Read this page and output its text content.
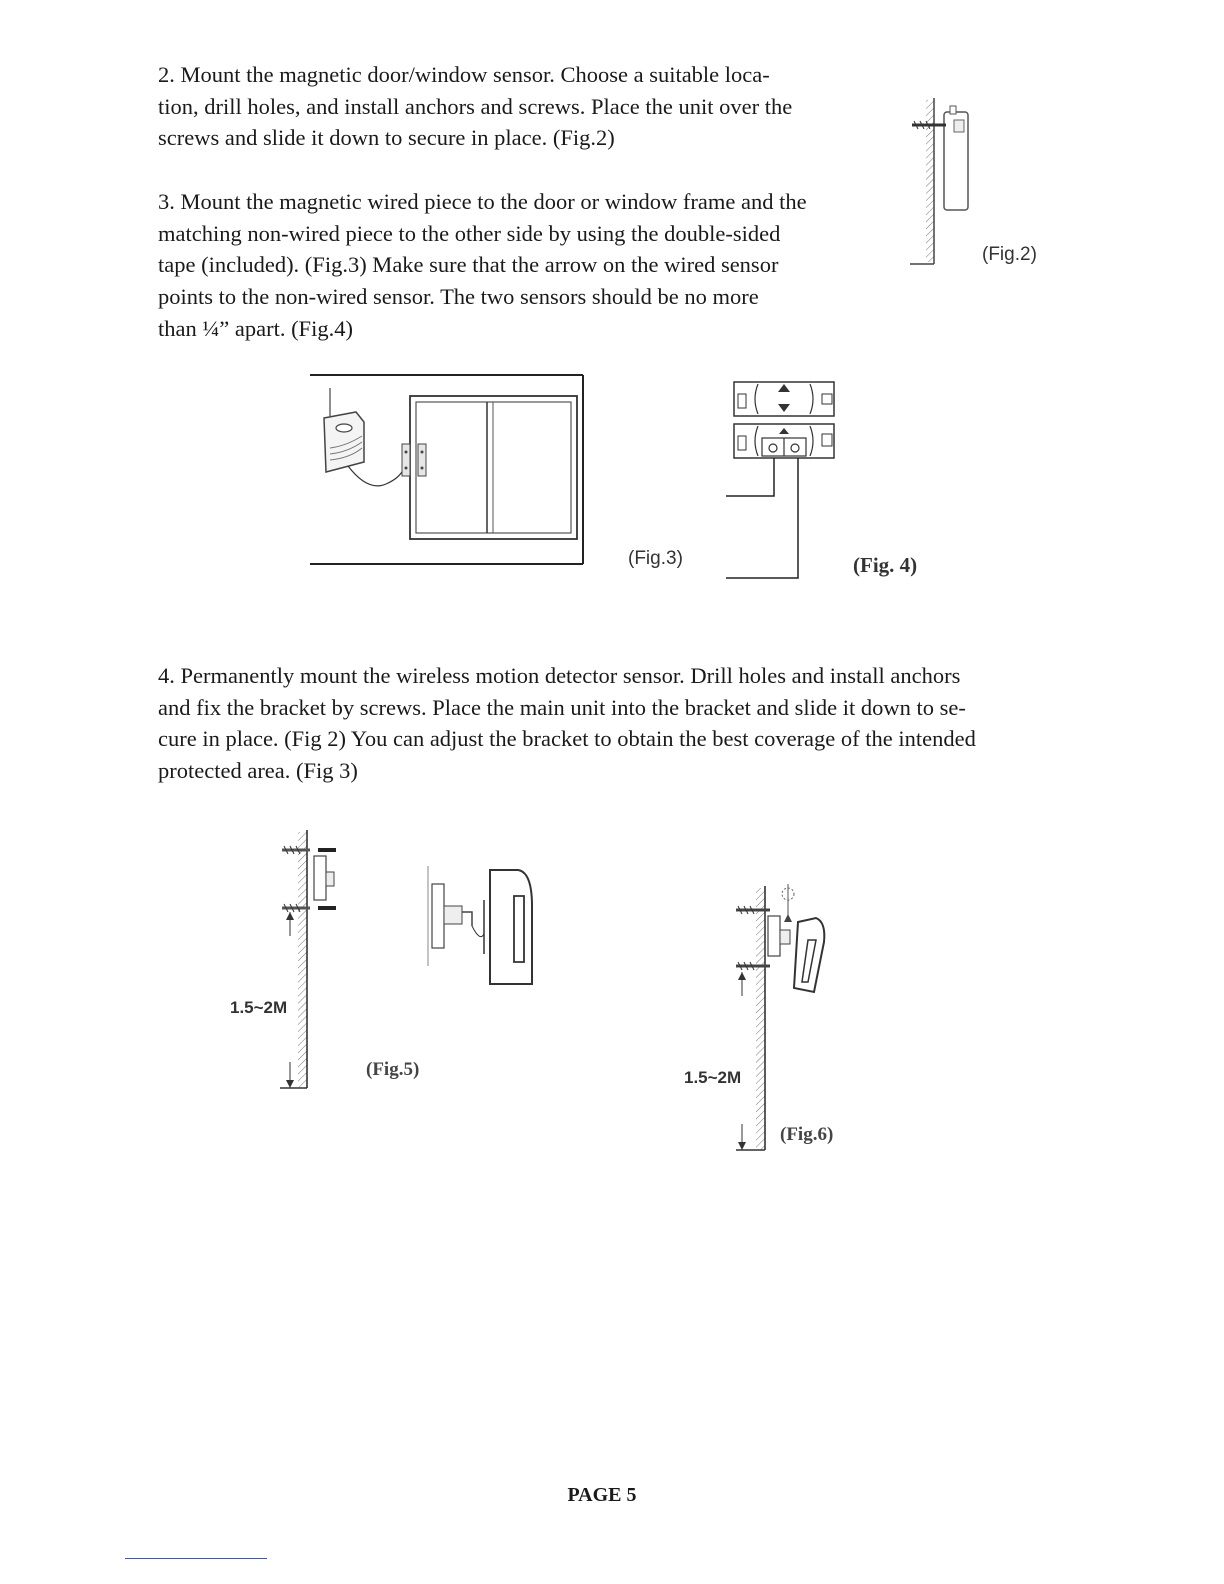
2. Mount the magnetic door/window sensor. Choose a suitable loca-
tion, drill holes, and install anchors and screws. Place the unit over the
screws and slide it down to secure in place. (Fig.2)
3. Mount the magnetic wired piece to the door or window frame and the
matching non-wired piece to the other side by using the double-sided
tape (included). (Fig.3) Make sure that the arrow on the wired sensor
points to the non-wired sensor. The two sensors should be no more
than ¼” apart. (Fig.4)
(Fig.2)
(Fig.3)	(Fig. 4)
4. Permanently mount the wireless motion detector sensor. Drill holes and install anchors
and fix the bracket by screws. Place the main unit into the bracket and slide it down to se-
cure in place. (Fig 2) You can adjust the bracket to obtain the best coverage of the intended
protected area. (Fig 3)
1.5~2M
(Fig.5)	1.5~2M
(Fig.6)
PAGE 5
